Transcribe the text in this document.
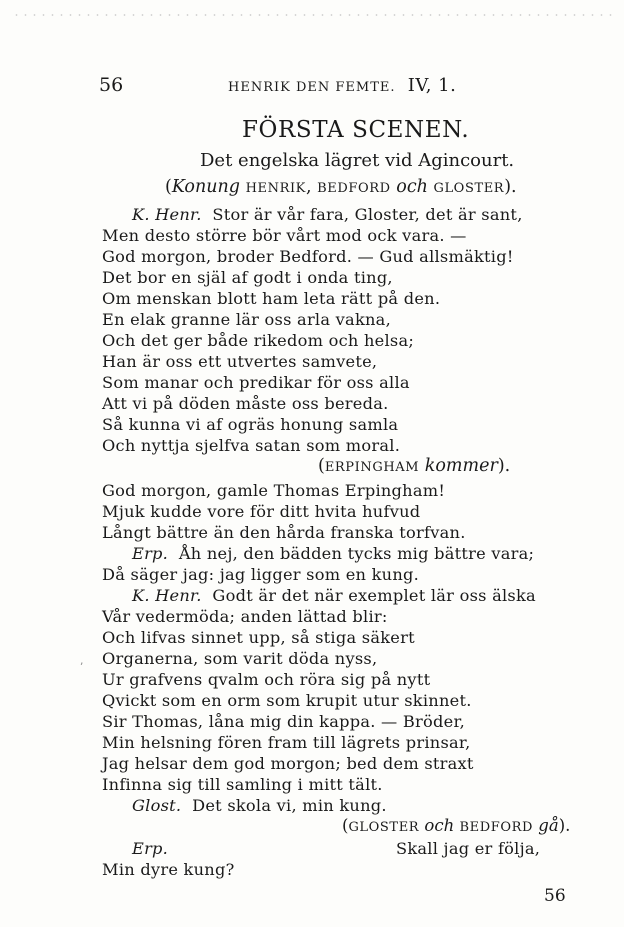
56	HENRIK DEN FEMTE. IV, 1.
FÖRSTA SCENEN.
Det engelska lägret vid Agincourt.
(Konung HENRIK, BEDFORD och GLOSTER).
K. Henr. Stor är vår fara, Gloster, det är sant,
Men desto större bör vårt mod ock vara. —
God morgon, broder Bedford. — Gud allsmäktig!
Det bor en själ af godt i onda ting,
Om menskan blott ham leta rätt på den.
En elak granne lär oss arla vakna,
Och det ger både rikedom och helsa;
Han är oss ett utvertes samvete,
Som manar och predikar för oss alla
Att vi på döden måste oss bereda.
Så kunna vi af ogräs honung samla
Och nyttja sjelfva satan som moral.
(ERPINGHAM kommer).
God morgon, gamle Thomas Erpingham!
Mjuk kudde vore för ditt hvita hufvud
Långt bättre än den hårda franska torfvan.
Erp. Åh nej, den bädden tycks mig bättre vara;
Då säger jag: jag ligger som en kung.
K. Henr. Godt är det när exemplet lär oss älska
Vår vedermöda; anden lättad blir:
Och lifvas sinnet upp, så stiga säkert
Organerna, som varit döda nyss,
Ur grafvens qvalm och röra sig på nytt
Qvickt som en orm som krupit utur skinnet.
Sir Thomas, låna mig din kappa. — Bröder,
Min helsning fören fram till lägrets prinsar,
Jag helsar dem god morgon; bed dem straxt
Infinna sig till samling i mitt tält.
Glost. Det skola vi, min kung.
(GLOSTER och BEDFORD gå).
Erp.	Skall jag er följa,
Min dyre kung?
56
’
